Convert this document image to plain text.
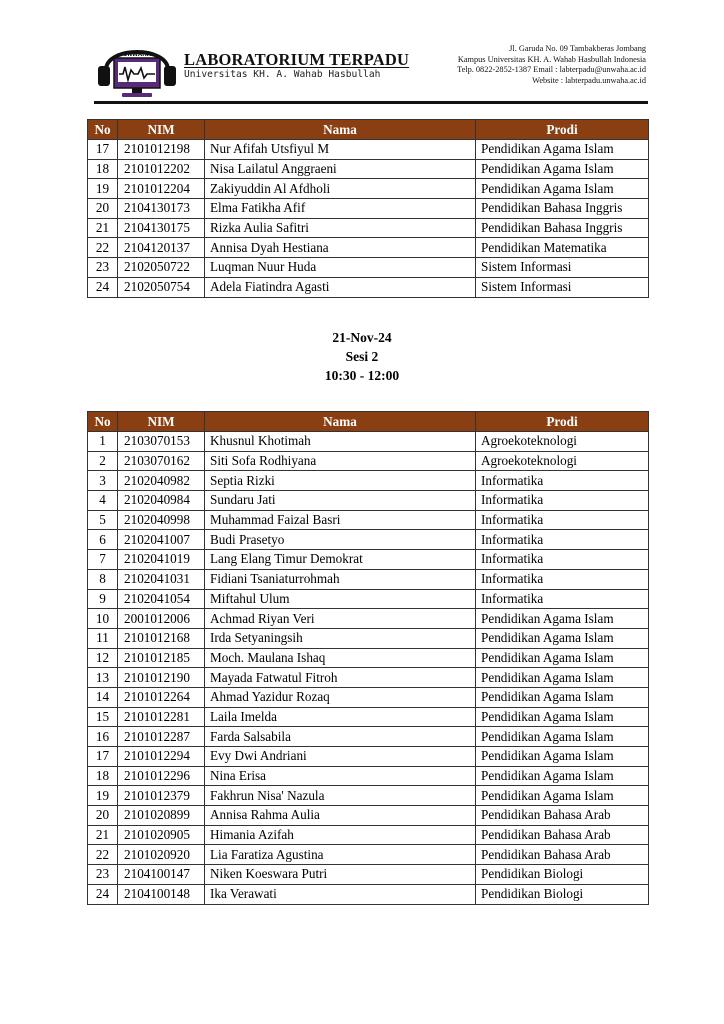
UNWAHA LABORATORIUM TERPADU
Universitas KH. A. Wahab Hasbullah
Jl. Garuda No. 09 Tambakberas Jombang
Kampus Universitas KH. A. Wahab Hasbullah Indonesia
Telp. 0822-2852-1387 Email : labterpadu@unwaha.ac.id
Website : labterpadu.unwaha.ac.id
No	NIM	Nama	Prodi
17	2101012198	Nur Afifah Utsfiyul M	Pendidikan Agama Islam
18	2101012202	Nisa Lailatul Anggraeni	Pendidikan Agama Islam
19	2101012204	Zakiyuddin Al Afdholi	Pendidikan Agama Islam
20	2104130173	Elma Fatikha Afif	Pendidikan Bahasa Inggris
21	2104130175	Rizka Aulia Safitri	Pendidikan Bahasa Inggris
22	2104120137	Annisa Dyah Hestiana	Pendidikan Matematika
23	2102050722	Luqman Nuur Huda	Sistem Informasi
24	2102050754	Adela Fiatindra Agasti	Sistem Informasi
21-Nov-24
Sesi 2
10:30 - 12:00
No	NIM	Nama	Prodi
1	2103070153	Khusnul Khotimah	Agroekoteknologi
2	2103070162	Siti Sofa Rodhiyana	Agroekoteknologi
3	2102040982	Septia Rizki	Informatika
4	2102040984	Sundaru Jati	Informatika
5	2102040998	Muhammad Faizal Basri	Informatika
6	2102041007	Budi Prasetyo	Informatika
7	2102041019	Lang Elang Timur Demokrat	Informatika
8	2102041031	Fidiani Tsaniaturrohmah	Informatika
9	2102041054	Miftahul Ulum	Informatika
10	2001012006	Achmad Riyan Veri	Pendidikan Agama Islam
11	2101012168	Irda Setyaningsih	Pendidikan Agama Islam
12	2101012185	Moch. Maulana Ishaq	Pendidikan Agama Islam
13	2101012190	Mayada Fatwatul Fitroh	Pendidikan Agama Islam
14	2101012264	Ahmad Yazidur Rozaq	Pendidikan Agama Islam
15	2101012281	Laila Imelda	Pendidikan Agama Islam
16	2101012287	Farda Salsabila	Pendidikan Agama Islam
17	2101012294	Evy Dwi Andriani	Pendidikan Agama Islam
18	2101012296	Nina Erisa	Pendidikan Agama Islam
19	2101012379	Fakhrun Nisa' Nazula	Pendidikan Agama Islam
20	2101020899	Annisa Rahma Aulia	Pendidikan Bahasa Arab
21	2101020905	Himania Azifah	Pendidikan Bahasa Arab
22	2101020920	Lia Faratiza Agustina	Pendidikan Bahasa Arab
23	2104100147	Niken Koeswara Putri	Pendidikan Biologi
24	2104100148	Ika Verawati	Pendidikan Biologi
